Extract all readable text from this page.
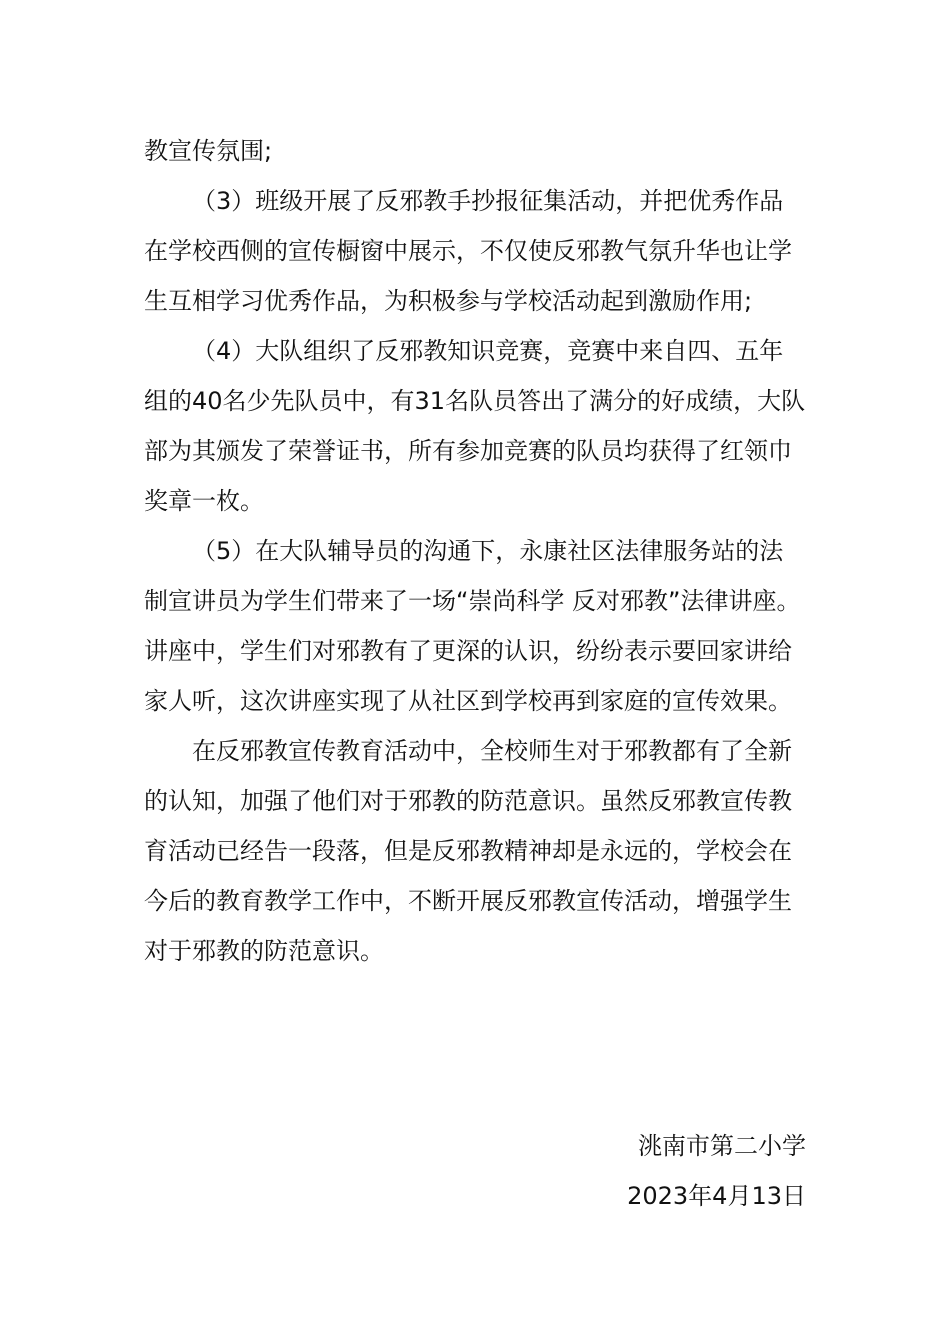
教宣传氛围;

（3）班级开展了反邪教手抄报征集活动，并把优秀作品在学校西侧的宣传橱窗中展示，不仅使反邪教气氛升华也让学生互相学习优秀作品，为积极参与学校活动起到激励作用;

（4）大队组织了反邪教知识竞赛，竞赛中来自四、五年组的40名少先队员中，有31名队员答出了满分的好成绩，大队部为其颁发了荣誉证书，所有参加竞赛的队员均获得了红领巾奖章一枚。

（5）在大队辅导员的沟通下，永康社区法律服务站的法制宣讲员为学生们带来了一场“崇尚科学 反对邪教”法律讲座。讲座中，学生们对邪教有了更深的认识，纷纷表示要回家讲给家人听，这次讲座实现了从社区到学校再到家庭的宣传效果。

在反邪教宣传教育活动中，全校师生对于邪教都有了全新的认知，加强了他们对于邪教的防范意识。虽然反邪教宣传教育活动已经告一段落，但是反邪教精神却是永远的，学校会在今后的教育教学工作中，不断开展反邪教宣传活动，增强学生对于邪教的防范意识。

洮南市第二小学
2023年4月13日
